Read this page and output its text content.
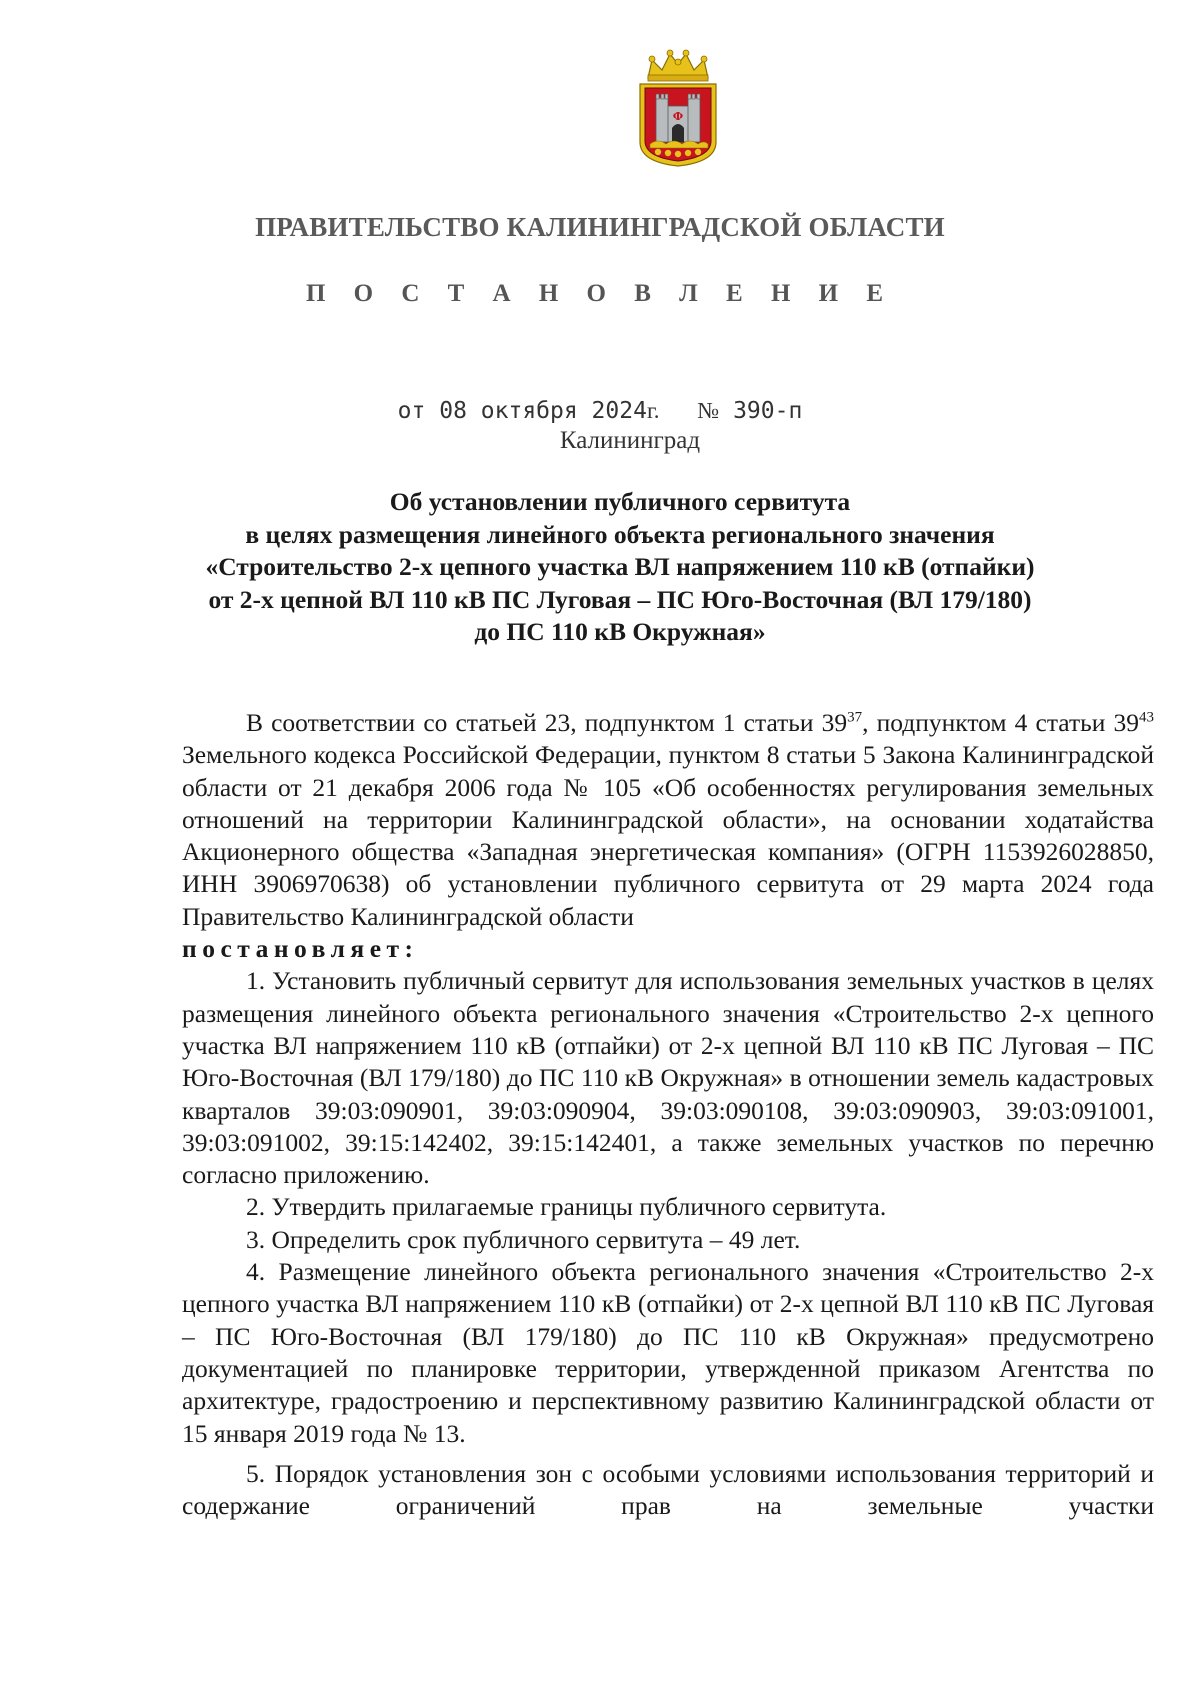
Ф
ПРАВИТЕЛЬСТВО КАЛИНИНГРАДСКОЙ ОБЛАСТИ
П О С Т А Н О В Л Е Н И Е
от 08 октября 2024г. № 390-п
Калининград
Об установлении публичного сервитута
в целях размещения линейного объекта регионального значения
«Строительство 2-х цепного участка ВЛ напряжением 110 кВ (отпайки)
от 2-х цепной ВЛ 110 кВ ПС Луговая – ПС Юго-Восточная (ВЛ 179/180)
до ПС 110 кВ Окружная»

В соответствии со статьей 23, подпунктом 1 статьи $39^{37}$, подпунктом 4 статьи $39^{43}$ Земельного кодекса Российской Федерации, пунктом 8 статьи 5 Закона Калининградской области от 21 декабря 2006 года № 105 «Об особенностях регулирования земельных отношений на территории Калининградской области», на основании ходатайства Акционерного общества «Западная энергетическая компания» (ОГРН 1153926028850, ИНН 3906970638) об установлении публичного сервитута от 29 марта 2024 года Правительство Калининградской области
постановляет:

1. Установить публичный сервитут для использования земельных участков в целях размещения линейного объекта регионального значения «Строительство 2-х цепного участка ВЛ напряжением 110 кВ (отпайки) от 2-х цепной ВЛ 110 кВ ПС Луговая – ПС Юго-Восточная (ВЛ 179/180) до ПС 110 кВ Окружная» в отношении земель кадастровых кварталов 39:03:090901, 39:03:090904, 39:03:090108, 39:03:090903, 39:03:091001, 39:03:091002, 39:15:142402, 39:15:142401, а также земельных участков по перечню согласно приложению.

2. Утвердить прилагаемые границы публичного сервитута.

3. Определить срок публичного сервитута – 49 лет.

4. Размещение линейного объекта регионального значения «Строительство 2-х цепного участка ВЛ напряжением 110 кВ (отпайки) от 2-х цепной ВЛ 110 кВ ПС Луговая – ПС Юго-Восточная (ВЛ 179/180) до ПС 110 кВ Окружная» предусмотрено документацией по планировке территории, утвержденной приказом Агентства по архитектуре, градостроению и перспективному развитию Калининградской области от 15 января 2019 года № 13.

5. Порядок установления зон с особыми условиями использования территорий и содержание ограничений прав на земельные участки
